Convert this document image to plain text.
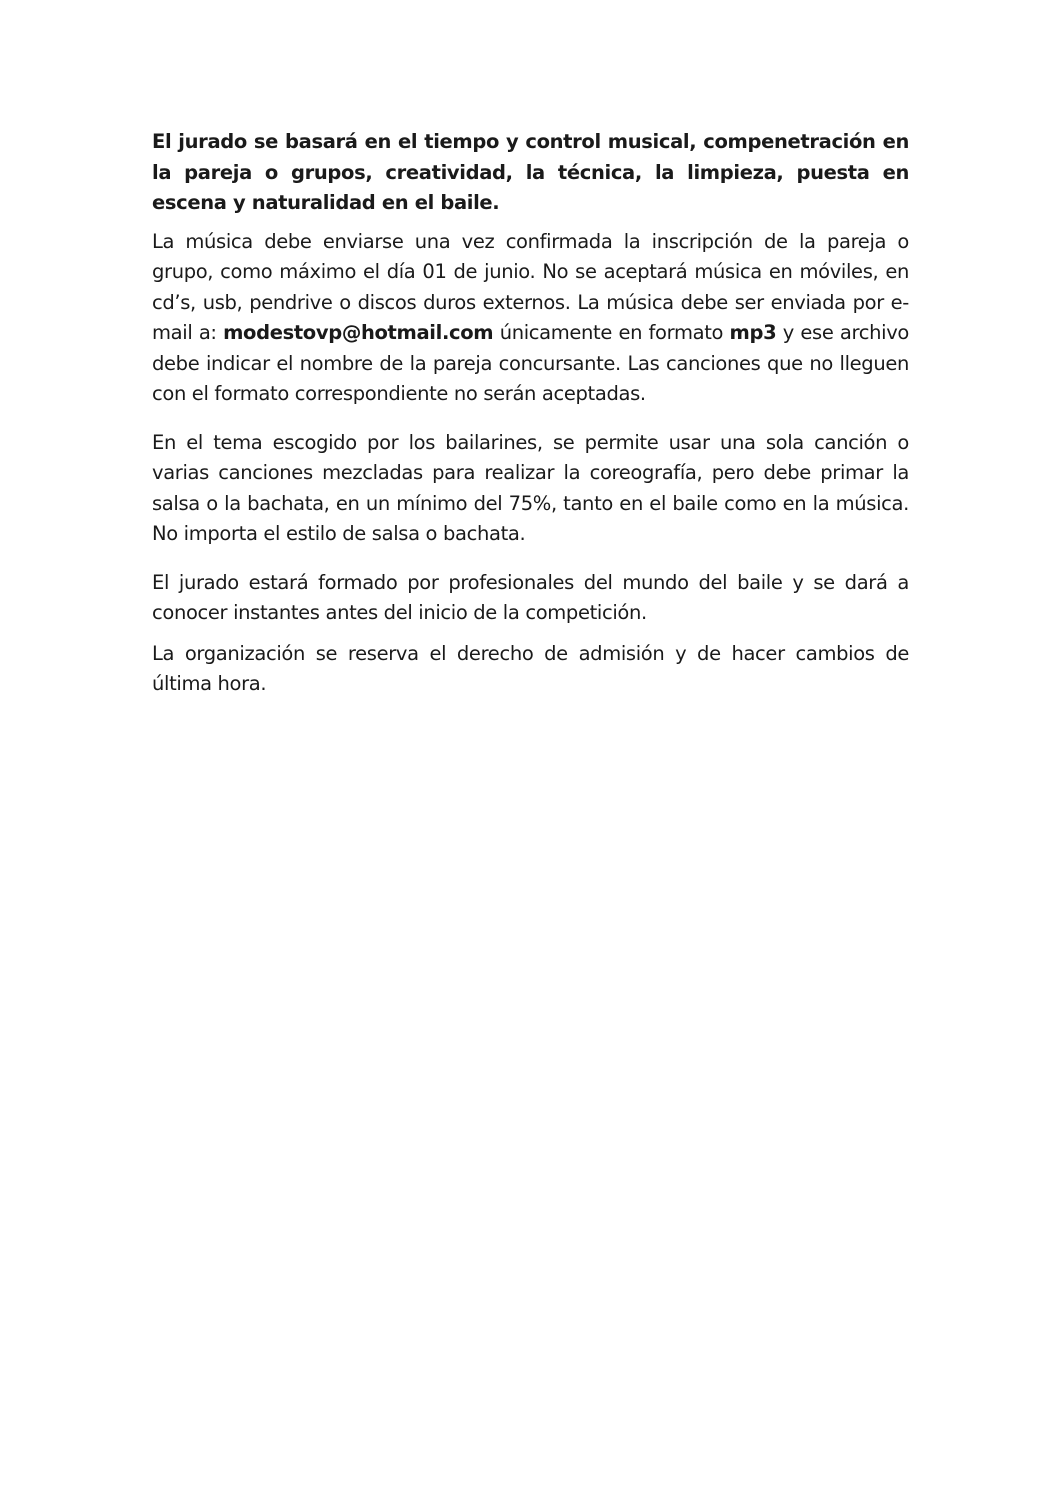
El jurado se basará en el tiempo y control musical, compenetración en la pareja o grupos, creatividad, la técnica, la limpieza, puesta en escena y naturalidad en el baile.

La música debe enviarse una vez confirmada la inscripción de la pareja o grupo, como máximo el día 01 de junio. No se aceptará música en móviles, en cd’s, usb, pendrive o discos duros externos. La música debe ser enviada por e-mail a: modestovp@hotmail.com únicamente en formato mp3 y ese archivo debe indicar el nombre de la pareja concursante. Las canciones que no lleguen con el formato correspondiente no serán aceptadas.

En el tema escogido por los bailarines, se permite usar una sola canción o varias canciones mezcladas para realizar la coreografía, pero debe primar la salsa o la bachata, en un mínimo del 75%, tanto en el baile como en la música. No importa el estilo de salsa o bachata.

El jurado estará formado por profesionales del mundo del baile y se dará a conocer instantes antes del inicio de la competición.

La organización se reserva el derecho de admisión y de hacer cambios de última hora.
